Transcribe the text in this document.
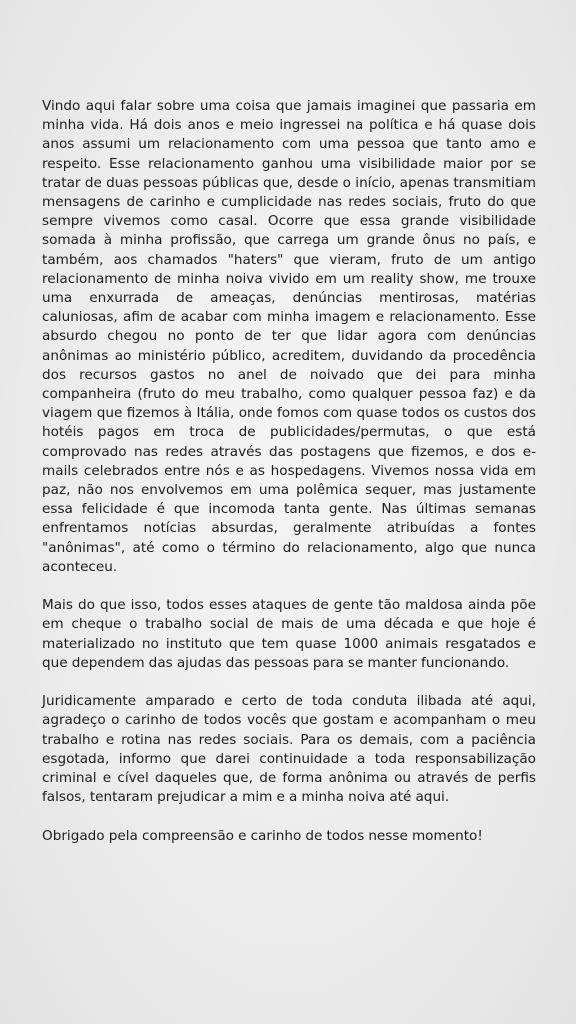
Vindo aqui falar sobre uma coisa que jamais imaginei que passaria em minha vida. Há dois anos e meio ingressei na política e há quase dois anos assumi um relacionamento com uma pessoa que tanto amo e respeito. Esse relacionamento ganhou uma visibilidade maior por se tratar de duas pessoas públicas que, desde o início, apenas transmitiam mensagens de carinho e cumplicidade nas redes sociais, fruto do que sempre vivemos como casal. Ocorre que essa grande visibilidade somada à minha profissão, que carrega um grande ônus no país, e também, aos chamados "haters" que vieram, fruto de um antigo relacionamento de minha noiva vivido em um reality show, me trouxe uma enxurrada de ameaças, denúncias mentirosas, matérias caluniosas, afim de acabar com minha imagem e relacionamento. Esse absurdo chegou no ponto de ter que lidar agora com denúncias anônimas ao ministério público, acreditem, duvidando da procedência dos recursos gastos no anel de noivado que dei para minha companheira (fruto do meu trabalho, como qualquer pessoa faz) e da viagem que fizemos à Itália, onde fomos com quase todos os custos dos hotéis pagos em troca de publicidades/permutas, o que está comprovado nas redes através das postagens que fizemos, e dos e-mails celebrados entre nós e as hospedagens. Vivemos nossa vida em paz, não nos envolvemos em uma polêmica sequer, mas justamente essa felicidade é que incomoda tanta gente. Nas últimas semanas enfrentamos notícias absurdas, geralmente atribuídas a fontes "anônimas", até como o término do relacionamento, algo que nunca aconteceu.

Mais do que isso, todos esses ataques de gente tão maldosa ainda põe em cheque o trabalho social de mais de uma década e que hoje é materializado no instituto que tem quase 1000 animais resgatados e que dependem das ajudas das pessoas para se manter funcionando.

Juridicamente amparado e certo de toda conduta ilibada até aqui, agradeço o carinho de todos vocês que gostam e acompanham o meu trabalho e rotina nas redes sociais. Para os demais, com a paciência esgotada, informo que darei continuidade a toda responsabilização criminal e cível daqueles que, de forma anônima ou através de perfis falsos, tentaram prejudicar a mim e a minha noiva até aqui.

Obrigado pela compreensão e carinho de todos nesse momento!
